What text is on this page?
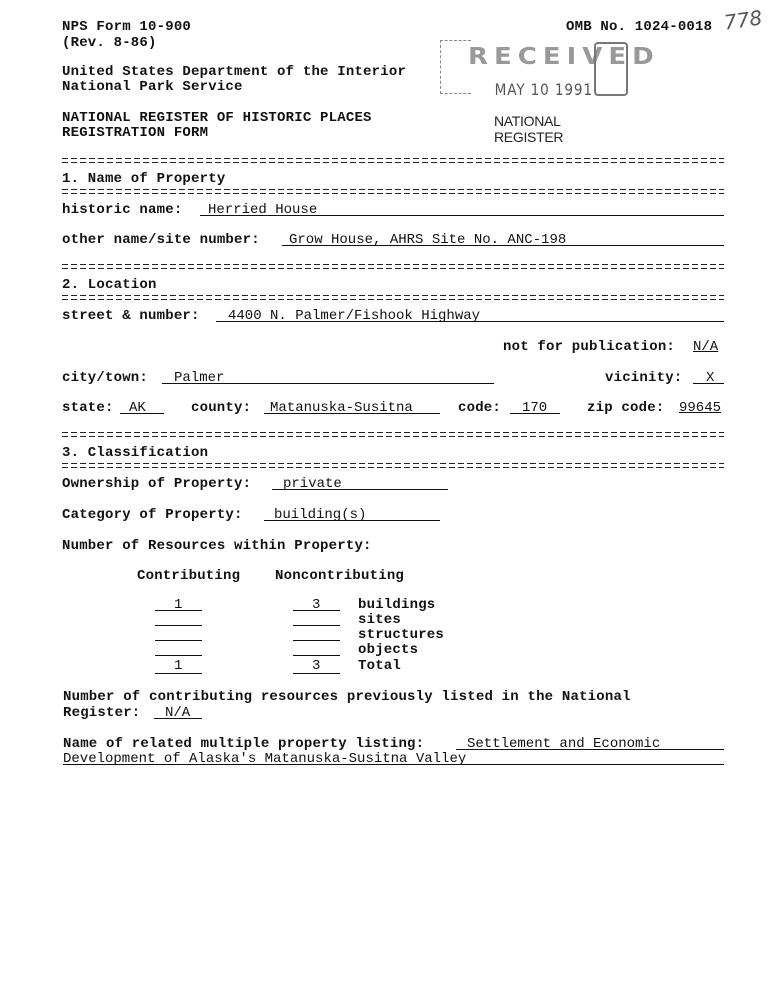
NPS Form 10-900
(Rev. 8-86)
OMB No. 1024-0018 778
United States Department of the Interior
National Park Service
NATIONAL REGISTER OF HISTORIC PLACES
REGISTRATION FORM
RECEIVED
MAY 10 1991
NATIONAL
REGISTER
1. Name of Property
historic name: Herried House
other name/site number: Grow House, AHRS Site No. ANC-198
2. Location
street & number: 4400 N. Palmer/Fishook Highway
not for publication: N/A
city/town: Palmer	vicinity: X
state: AK	county: Matanuska-Susitna	code: 170	zip code: 99645
3. Classification
Ownership of Property: private
Category of Property: building(s)
Number of Resources within Property:
Contributing Noncontributing
1	3	buildings
sites
structures
objects
1	3	Total
Number of contributing resources previously listed in the National
Register: N/A
Name of related multiple property listing:	Settlement and Economic
Development of Alaska's Matanuska-Susitna Valley
